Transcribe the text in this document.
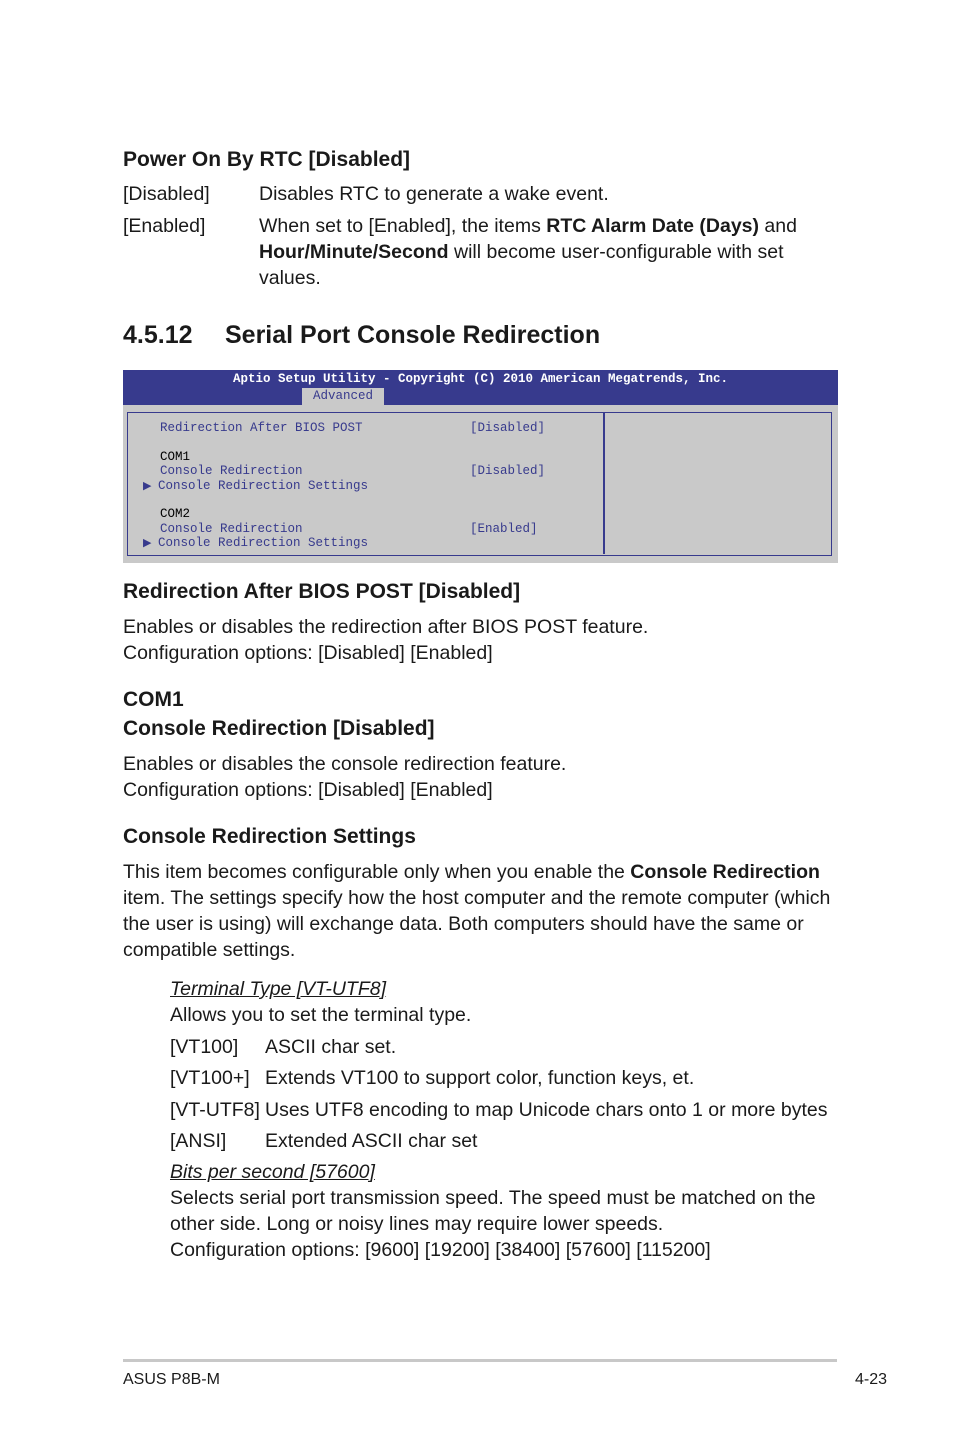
Power On By RTC [Disabled]
[Disabled]	Disables RTC to generate a wake event.
[Enabled]	When set to [Enabled], the items RTC Alarm Date (Days) and
Hour/Minute/Second will become user-configurable with set
values.
4.5.12 Serial Port Console Redirection
Aptio Setup Utility - Copyright (C) 2010 American Megatrends, Inc.
Advanced
Redirection After BIOS POST	[Disabled]
COM1
Console Redirection	[Disabled]
▶ Console Redirection Settings
COM2
Console Redirection	[Enabled]
▶ Console Redirection Settings
Redirection After BIOS POST [Disabled]
Enables or disables the redirection after BIOS POST feature.
Configuration options: [Disabled] [Enabled]
COM1
Console Redirection [Disabled]
Enables or disables the console redirection feature.
Configuration options: [Disabled] [Enabled]
Console Redirection Settings
This item becomes configurable only when you enable the Console Redirection
item. The settings specify how the host computer and the remote computer (which
the user is using) will exchange data. Both computers should have the same or
compatible settings.
Terminal Type [VT-UTF8]
Allows you to set the terminal type.
[VT100] ASCII char set.
[VT100+] Extends VT100 to support color, function keys, et.
[VT-UTF8] Uses UTF8 encoding to map Unicode chars onto 1 or more bytes
[ANSI] Extended ASCII char set
Bits per second [57600]
Selects serial port transmission speed. The speed must be matched on the
other side. Long or noisy lines may require lower speeds.
Configuration options: [9600] [19200] [38400] [57600] [115200]
ASUS P8B-M	4-23
